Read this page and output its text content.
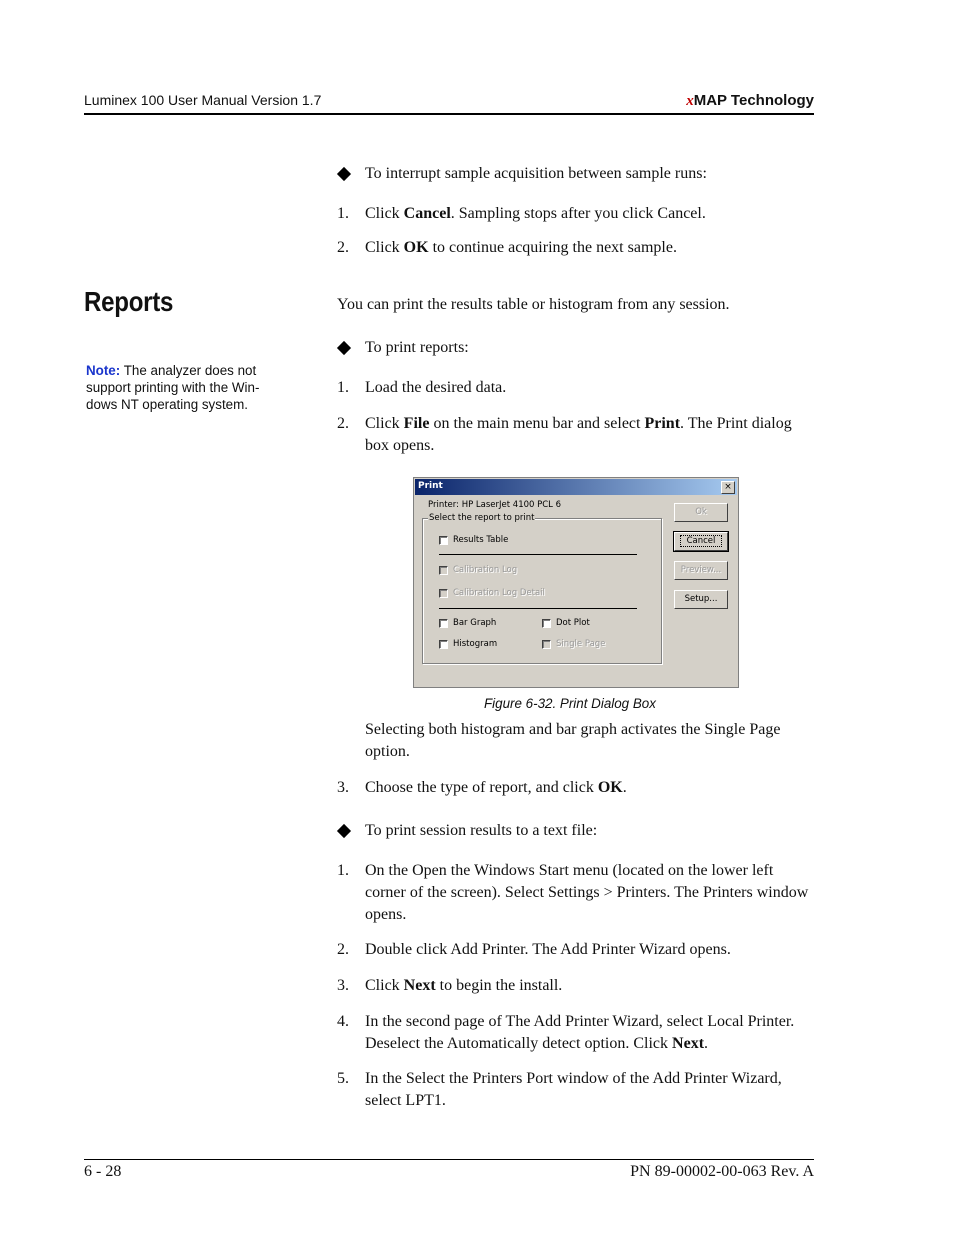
Luminex 100 User Manual Version 1.7	xMAP Technology
To interrupt sample acquisition between sample runs:
1. Click Cancel. Sampling stops after you click Cancel.
2. Click OK to continue acquiring the next sample.
Reports
Note: The analyzer does not support printing with the Win-dows NT operating system.
You can print the results table or histogram from any session.
To print reports:
1. Load the desired data.
2. Click File on the main menu bar and select Print. The Print dialog box opens.
Print	×
Printer: HP LaserJet 4100 PCL 6
Select the report to print
Results Table
Calibration Log
Calibration Log Detail
Bar Graph	Dot Plot
Histogram	Single Page
Ok
Cancel
Preview...
Setup...
Figure 6-32. Print Dialog Box
Selecting both histogram and bar graph activates the Single Page option.
3. Choose the type of report, and click OK.
To print session results to a text file:
1. On the Open the Windows Start menu (located on the lower left corner of the screen). Select Settings > Printers. The Printers window opens.
2. Double click Add Printer. The Add Printer Wizard opens.
3. Click Next to begin the install.
4. In the second page of The Add Printer Wizard, select Local Printer. Deselect the Automatically detect option. Click Next.
5. In the Select the Printers Port window of the Add Printer Wizard, select LPT1.
6 - 28	PN 89-00002-00-063 Rev. A
